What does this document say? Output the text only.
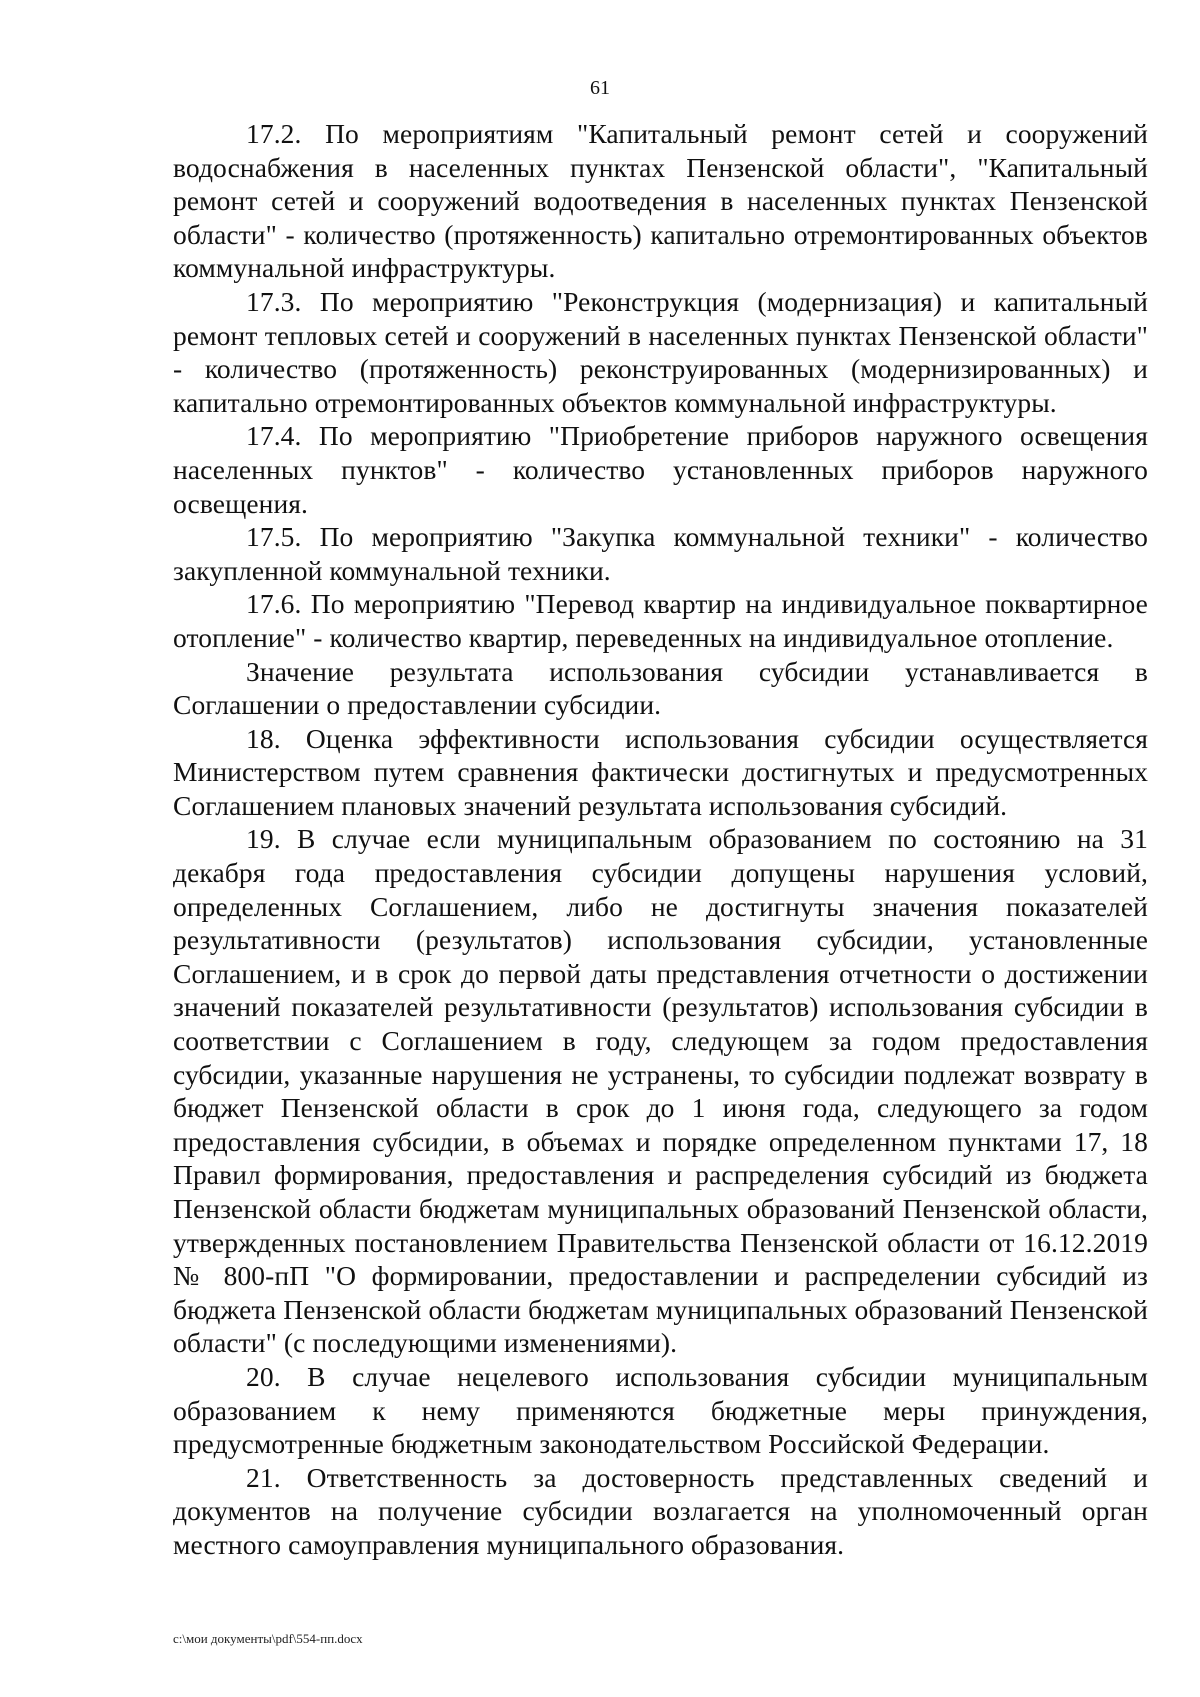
61

17.2. По мероприятиям "Капитальный ремонт сетей и сооружений водоснабжения в населенных пунктах Пензенской области", "Капитальный ремонт сетей и сооружений водоотведения в населенных пунктах Пензенской области" - количество (протяженность) капитально отремонтированных объектов коммунальной инфраструктуры.

17.3. По мероприятию "Реконструкция (модернизация) и капитальный ремонт тепловых сетей и сооружений в населенных пунктах Пензенской области" - количество (протяженность) реконструированных (модернизированных) и капитально отремонтированных объектов коммунальной инфраструктуры.

17.4. По мероприятию "Приобретение приборов наружного освещения населенных пунктов" - количество установленных приборов наружного освещения.

17.5. По мероприятию "Закупка коммунальной техники" - количество закупленной коммунальной техники.

17.6. По мероприятию "Перевод квартир на индивидуальное поквартирное отопление" - количество квартир, переведенных на индивидуальное отопление.

Значение результата использования субсидии устанавливается в Соглашении о предоставлении субсидии.

18. Оценка эффективности использования субсидии осуществляется Министерством путем сравнения фактически достигнутых и предусмотренных Соглашением плановых значений результата использования субсидий.

19. В случае если муниципальным образованием по состоянию на 31 декабря года предоставления субсидии допущены нарушения условий, определенных Соглашением, либо не достигнуты значения показателей результативности (результатов) использования субсидии, установленные Соглашением, и в срок до первой даты представления отчетности о достижении значений показателей результативности (результатов) использования субсидии в соответствии с Соглашением в году, следующем за годом предоставления субсидии, указанные нарушения не устранены, то субсидии подлежат возврату в бюджет Пензенской области в срок до 1 июня года, следующего за годом предоставления субсидии, в объемах и порядке определенном пунктами 17, 18 Правил формирования, предоставления и распределения субсидий из бюджета Пензенской области бюджетам муниципальных образований Пензенской области, утвержденных постановлением Правительства Пензенской области от 16.12.2019 № 800-пП "О формировании, предоставлении и распределении субсидий из бюджета Пензенской области бюджетам муниципальных образований Пензенской области" (с последующими изменениями).

20. В случае нецелевого использования субсидии муниципальным образованием к нему применяются бюджетные меры принуждения, предусмотренные бюджетным законодательством Российской Федерации.

21. Ответственность за достоверность представленных сведений и документов на получение субсидии возлагается на уполномоченный орган местного самоуправления муниципального образования.

c:\мои документы\pdf\554-пп.docx
